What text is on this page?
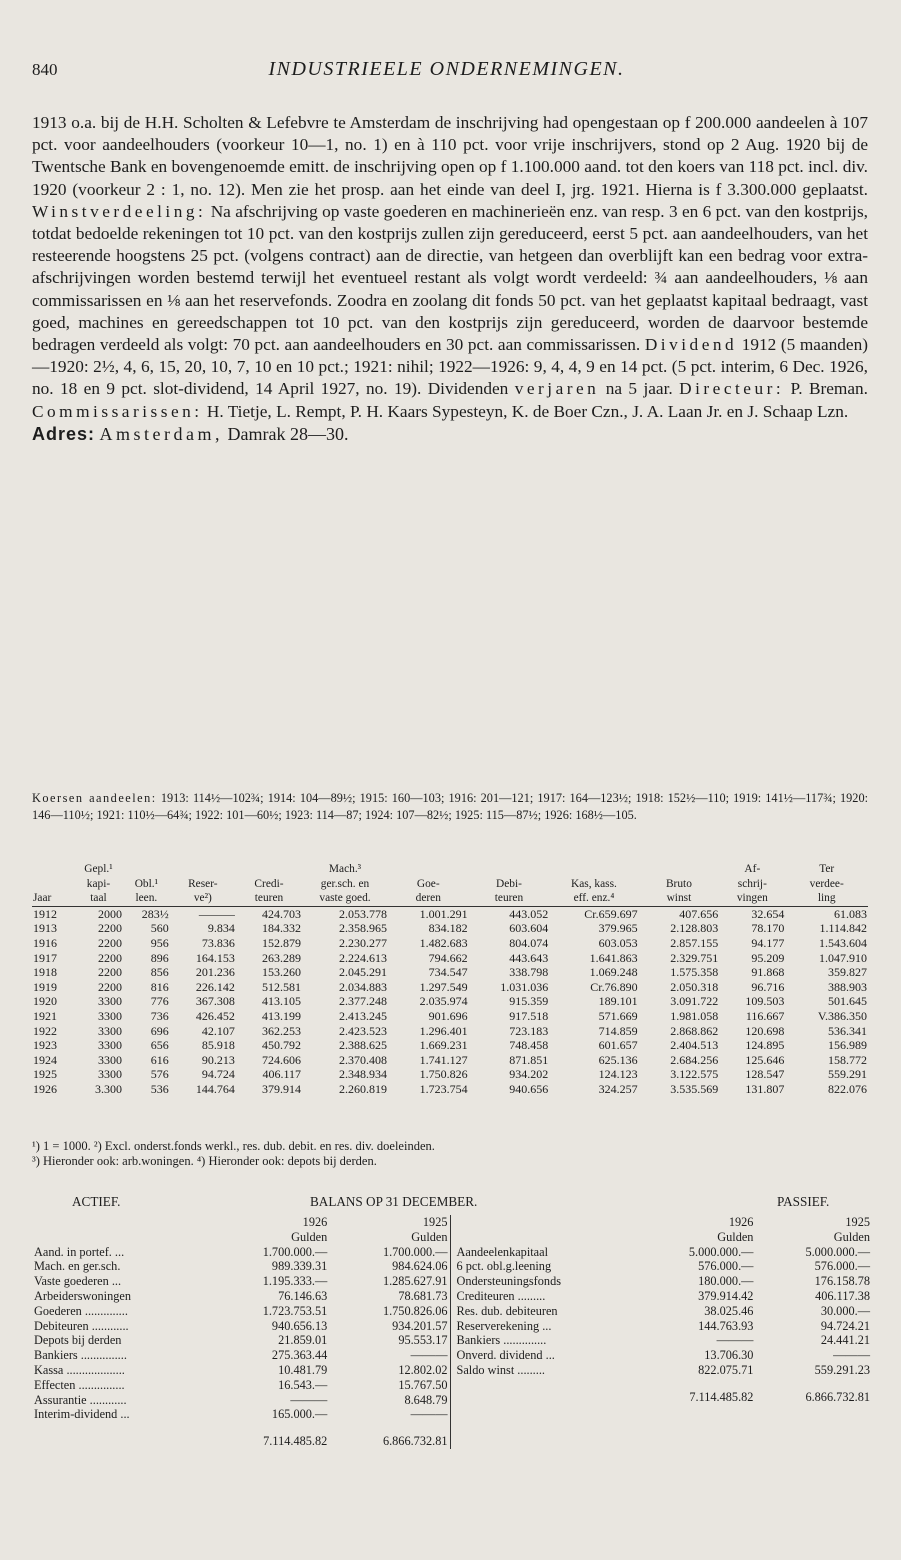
840	INDUSTRIEELE ONDERNEMINGEN.

1913 o.a. bij de H.H. Scholten & Lefebvre te Amsterdam de inschrijving had opengestaan op f 200.000 aandeelen à 107 pct. voor aandeelhouders (voorkeur 10—1, no. 1) en à 110 pct. voor vrije inschrijvers, stond op 2 Aug. 1920 bij de Twentsche Bank en bovengenoemde emitt. de inschrijving open op f 1.100.000 aand. tot den koers van 118 pct. incl. div. 1920 (voorkeur 2 : 1, no. 12). Men zie het prosp. aan het einde van deel I, jrg. 1921. Hierna is f 3.300.000 geplaatst. Winstverdeeling: Na afschrijving op vaste goederen en machinerieën enz. van resp. 3 en 6 pct. van den kostprijs, totdat bedoelde rekeningen tot 10 pct. van den kostprijs zullen zijn gereduceerd, eerst 5 pct. aan aandeelhouders, van het resteerende hoogstens 25 pct. (volgens contract) aan de directie, van hetgeen dan overblijft kan een bedrag voor extra-afschrijvingen worden bestemd terwijl het eventueel restant als volgt wordt verdeeld: ¾ aan aandeelhouders, ⅛ aan commissarissen en ⅛ aan het reservefonds. Zoodra en zoolang dit fonds 50 pct. van het geplaatst kapitaal bedraagt, vast goed, machines en gereedschappen tot 10 pct. van den kostprijs zijn gereduceerd, worden de daarvoor bestemde bedragen verdeeld als volgt: 70 pct. aan aandeelhouders en 30 pct. aan commissarissen. Dividend 1912 (5 maanden)—1920: 2½, 4, 6, 15, 20, 10, 7, 10 en 10 pct.; 1921: nihil; 1922—1926: 9, 4, 4, 9 en 14 pct. (5 pct. interim, 6 Dec. 1926, no. 18 en 9 pct. slot-dividend, 14 April 1927, no. 19). Dividenden verjaren na 5 jaar. Directeur: P. Breman. Commissarissen: H. Tietje, L. Rempt, P. H. Kaars Sypesteyn, K. de Boer Czn., J. A. Laan Jr. en J. Schaap Lzn.

Adres: Amsterdam, Damrak 28—30.

Koersen aandeelen: 1913: 114½—102¾; 1914: 104—89½; 1915: 160—103; 1916: 201—121; 1917: 164—123½; 1918: 152½—110; 1919: 141½—117¾; 1920: 146—110½; 1921: 110½—64¾; 1922: 101—60½; 1923: 114—87; 1924: 107—82½; 1925: 115—87½; 1926: 168½—105.
	Gepl.¹				Mach.³					Af-	Ter
	kapi-	Obl.¹	Reser-	Credi-	ger.sch. en	Goe-	Debi-	Kas, kass.	Bruto	schrij-	verdee-
Jaar	taal	leen.	ve²)	teuren	vaste goed.	deren	teuren	eff. enz.⁴	winst	vingen	ling
1912	2000	283½	———	424.703	2.053.778	1.001.291	443.052	Cr.659.697	407.656	32.654	61.083
1913	2200	560	9.834	184.332	2.358.965	834.182	603.604	379.965	2.128.803	78.170	1.114.842
1916	2200	956	73.836	152.879	2.230.277	1.482.683	804.074	603.053	2.857.155	94.177	1.543.604
1917	2200	896	164.153	263.289	2.224.613	794.662	443.643	1.641.863	2.329.751	95.209	1.047.910
1918	2200	856	201.236	153.260	2.045.291	734.547	338.798	1.069.248	1.575.358	91.868	359.827
1919	2200	816	226.142	512.581	2.034.883	1.297.549	1.031.036	Cr.76.890	2.050.318	96.716	388.903
1920	3300	776	367.308	413.105	2.377.248	2.035.974	915.359	189.101	3.091.722	109.503	501.645
1921	3300	736	426.452	413.199	2.413.245	901.696	917.518	571.669	1.981.058	116.667	V.386.350
1922	3300	696	42.107	362.253	2.423.523	1.296.401	723.183	714.859	2.868.862	120.698	536.341
1923	3300	656	85.918	450.792	2.388.625	1.669.231	748.458	601.657	2.404.513	124.895	156.989
1924	3300	616	90.213	724.606	2.370.408	1.741.127	871.851	625.136	2.684.256	125.646	158.772
1925	3300	576	94.724	406.117	2.348.934	1.750.826	934.202	124.123	3.122.575	128.547	559.291
1926	3.300	536	144.764	379.914	2.260.819	1.723.754	940.656	324.257	3.535.569	131.807	822.076
¹) 1 = 1000. ²) Excl. onderst.fonds werkl., res. dub. debit. en res. div. doeleinden.
³) Hieronder ook: arb.woningen. ⁴) Hieronder ook: depots bij derden.
ACTIEF.	BALANS OP 31 DECEMBER.	PASSIEF.
	1926	1925
	Gulden	Gulden
Aand. in portef. ...	1.700.000.—	1.700.000.—
Mach. en ger.sch.	989.339.31	984.624.06
Vaste goederen ...	1.195.333.—	1.285.627.91
Arbeiderswoningen	76.146.63	78.681.73
Goederen ..............	1.723.753.51	1.750.826.06
Debiteuren ............	940.656.13	934.201.57
Depots bij derden	21.859.01	95.553.17
Bankiers ...............	275.363.44	———
Kassa ...................	10.481.79	12.802.02
Effecten ...............	16.543.—	15.767.50
Assurantie ............	———	8.648.79
Interim-dividend ...	165.000.—	———
	7.114.485.82	6.866.732.81
	1926	1925
	Gulden	Gulden
Aandeelenkapitaal	5.000.000.—	5.000.000.—
6 pct. obl.g.leening	576.000.—	576.000.—
Ondersteuningsfonds	180.000.—	176.158.78
Crediteuren .........	379.914.42	406.117.38
Res. dub. debiteuren	38.025.46	30.000.—
Reserverekening ...	144.763.93	94.724.21
Bankiers ..............	———	24.441.21
Onverd. dividend ...	13.706.30	———
Saldo winst .........	822.075.71	559.291.23
	7.114.485.82	6.866.732.81
